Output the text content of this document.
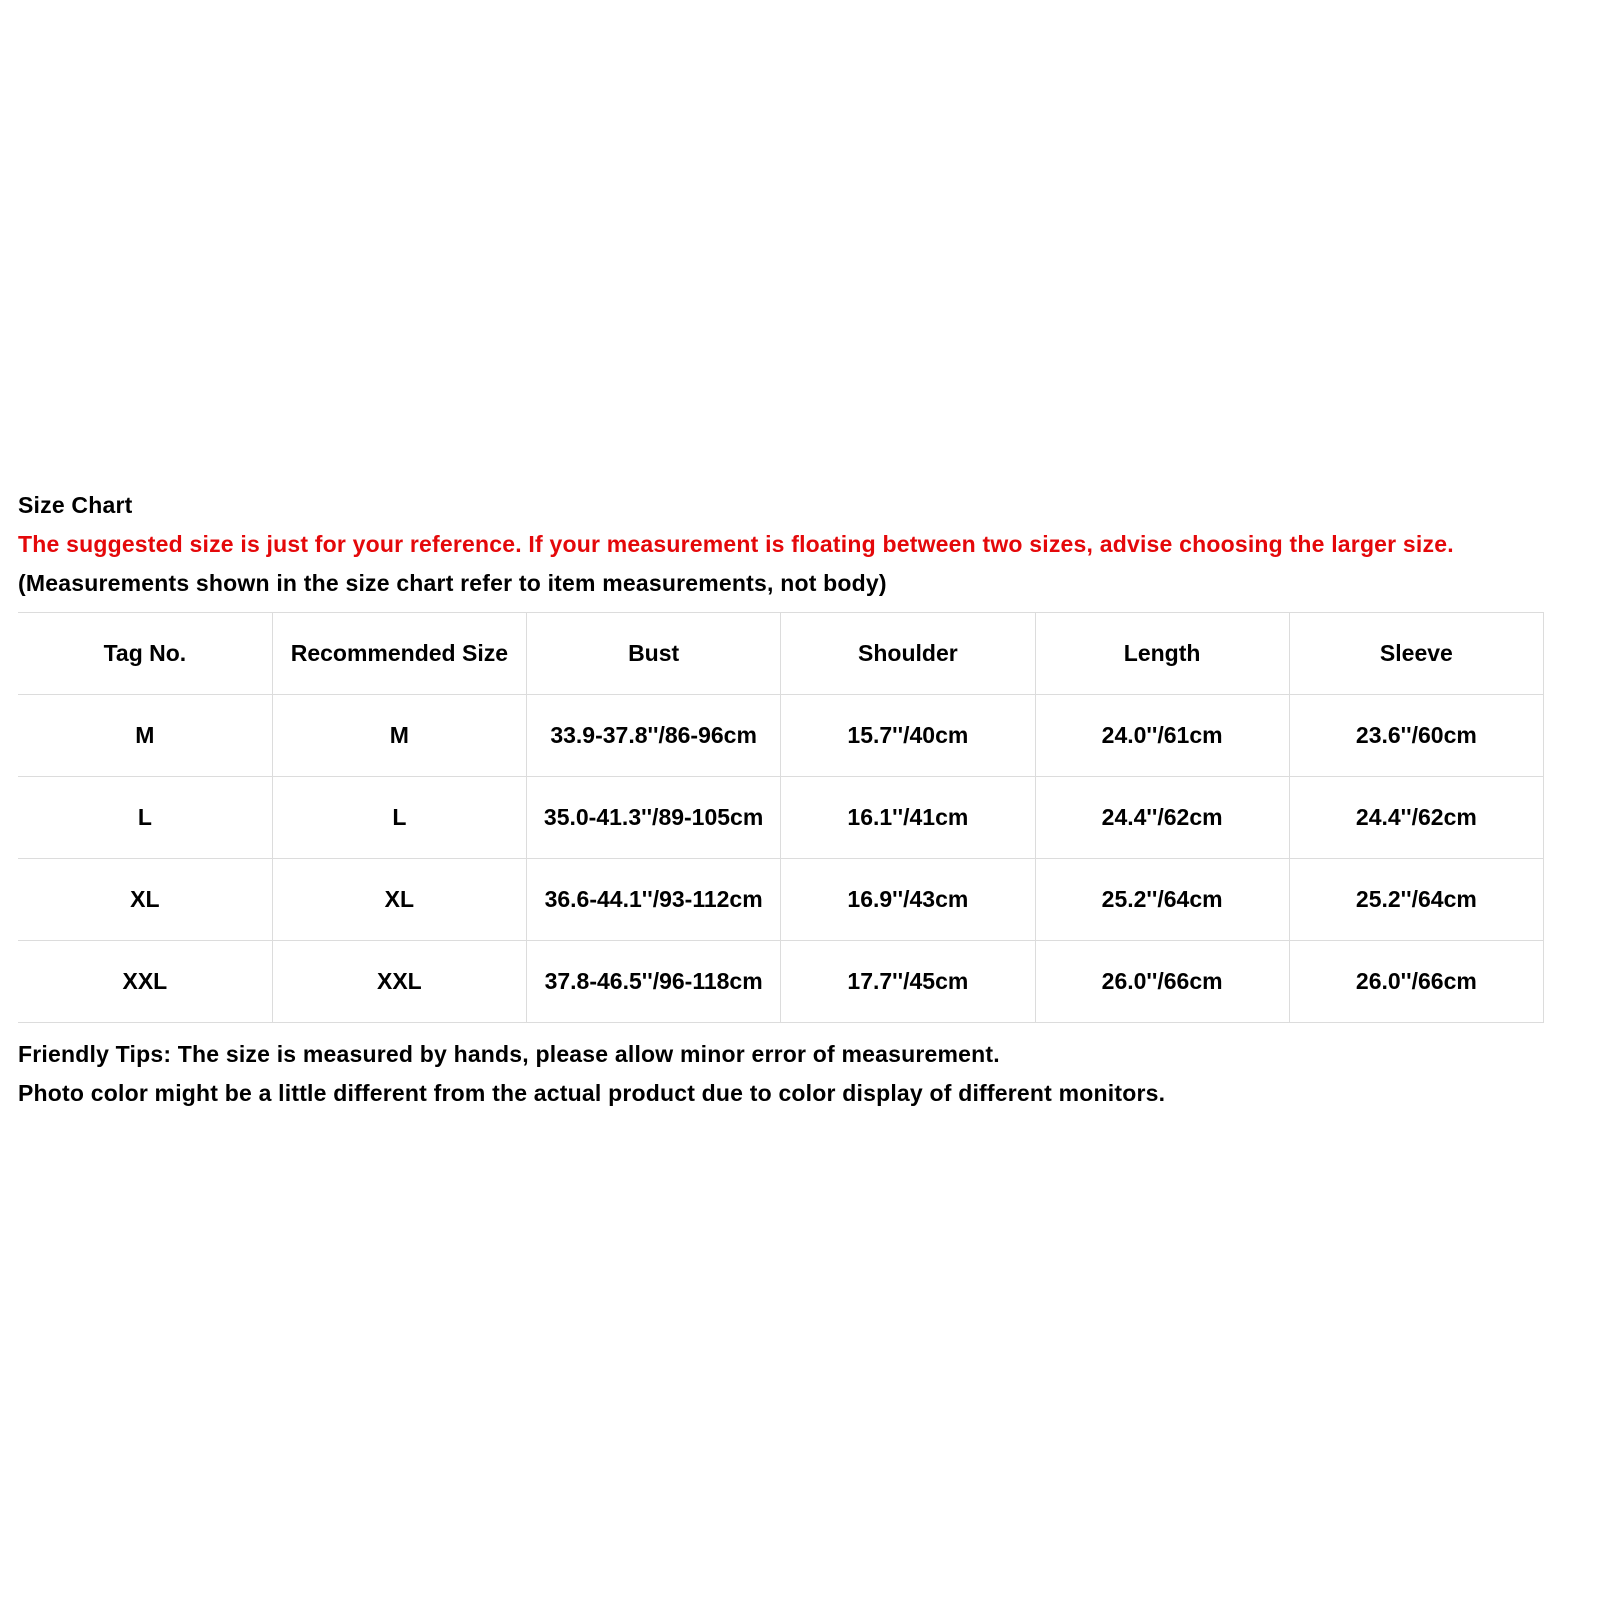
Size Chart
The suggested size is just for your reference. If your measurement is floating between two sizes, advise choosing the larger size.
(Measurements shown in the size chart refer to item measurements, not body)
Tag No.	Recommended Size	Bust	Shoulder	Length	Sleeve
M	M	33.9-37.8''/86-96cm	15.7''/40cm	24.0''/61cm	23.6''/60cm
L	L	35.0-41.3''/89-105cm	16.1''/41cm	24.4''/62cm	24.4''/62cm
XL	XL	36.6-44.1''/93-112cm	16.9''/43cm	25.2''/64cm	25.2''/64cm
XXL	XXL	37.8-46.5''/96-118cm	17.7''/45cm	26.0''/66cm	26.0''/66cm
Friendly Tips: The size is measured by hands, please allow minor error of measurement.
Photo color might be a little different from the actual product due to color display of different monitors.
